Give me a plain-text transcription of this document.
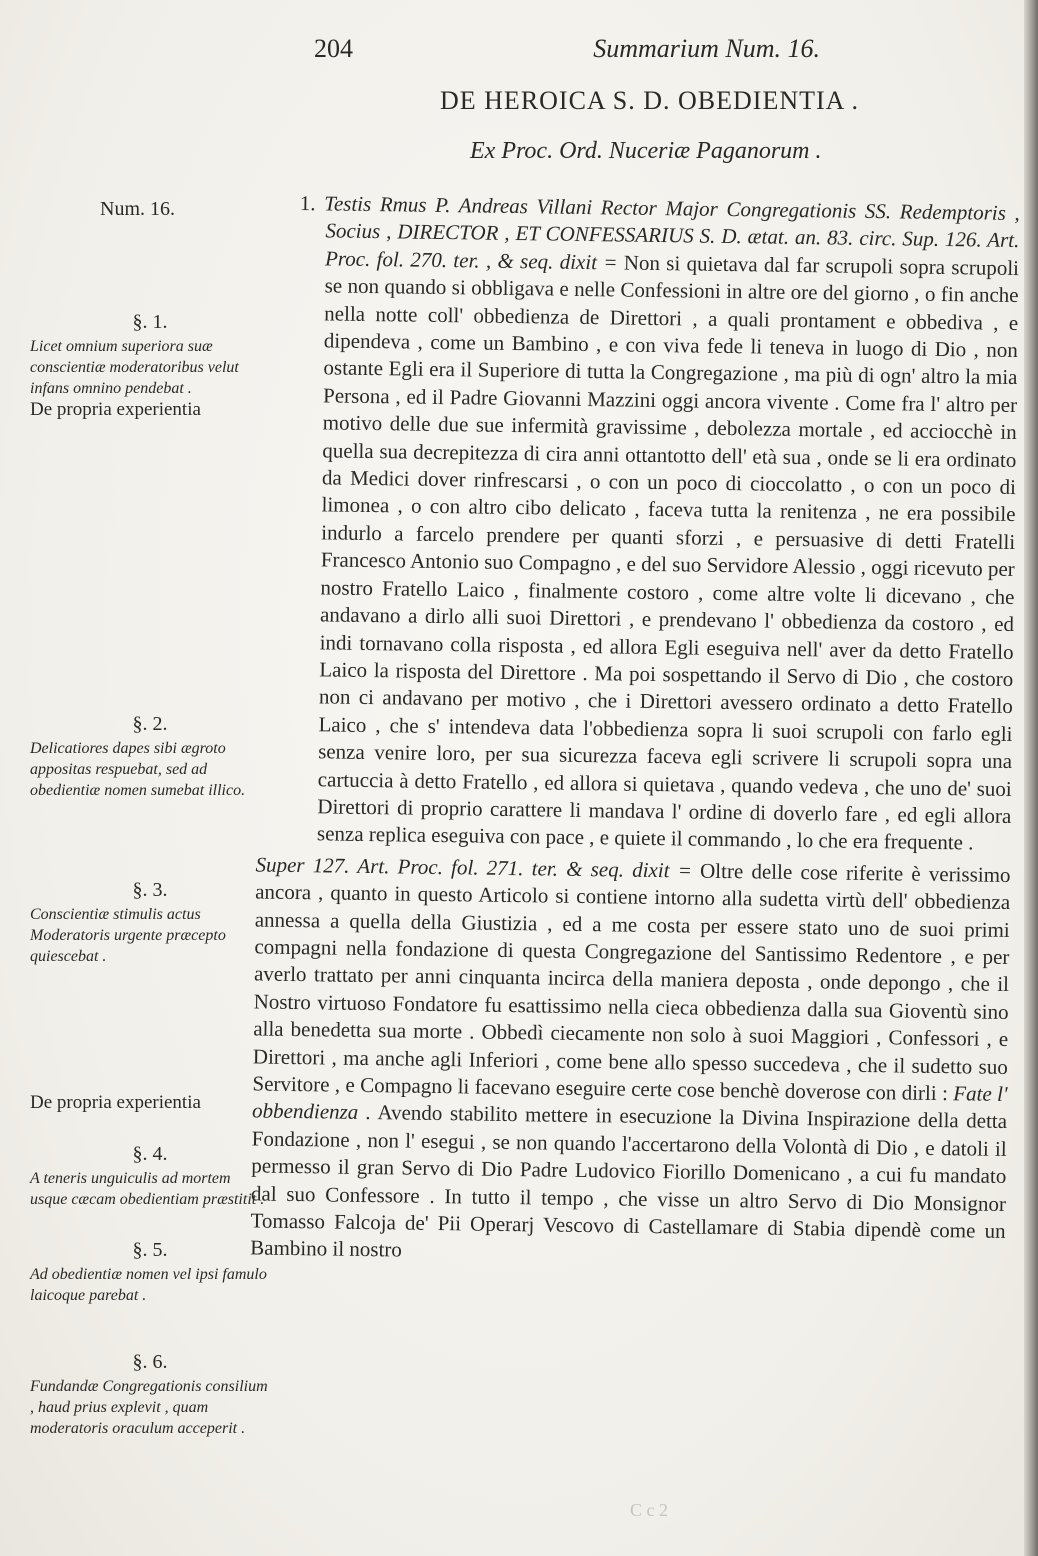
204	Summarium Num. 16.
DE HEROICA S. D. OBEDIENTIA .
Ex Proc. Ord. Nuceriæ Paganorum .
Num. 16.
§. 1.
Licet omnium superiora suæ conscientiæ moderatoribus velut infans omnino pendebat .
De propria experientia
§. 2.
Delicatiores dapes sibi ægroto appositas respuebat, sed ad obedientiæ nomen sumebat illico.
§. 3.
Conscientiæ stimulis actus Moderatoris urgente præcepto quiescebat .
De propria experientia
§. 4.
A teneris unguiculis ad mortem usque cæcam obedientiam præstitit .
§. 5.
Ad obedientiæ nomen vel ipsi famulo laicoque parebat .
§. 6.
Fundandæ Congregationis consilium , haud prius explevit , quam moderatoris oraculum acceperit .

1. Testis Rmus P. Andreas Villani Rector Major Congregationis SS. Redemptoris , Socius , DIRECTOR , ET CONFESSARIUS S. D. ætat. an. 83. circ. Sup. 126. Art. Proc. fol. 270. ter. , & seq. dixit = Non si quietava dal far scrupoli sopra scrupoli se non quando si obbligava e nelle Confessioni in altre ore del giorno , o fin anche nella notte coll' obbedienza de Direttori , a quali prontament e obbediva , e dipendeva , come un Bambino , e con viva fede li teneva in luogo di Dio , non ostante Egli era il Superiore di tutta la Congregazione , ma più di ogn' altro la mia Persona , ed il Padre Giovanni Mazzini oggi ancora vivente . Come fra l' altro per motivo delle due sue infermità gravissime , debolezza mortale , ed acciocchè in quella sua decrepitezza di cira anni ottantotto dell' età sua , onde se li era ordinato da Medici dover rinfrescarsi , o con un poco di cioccolatto , o con un poco di limonea , o con altro cibo delicato , faceva tutta la renitenza , ne era possibile indurlo a farcelo prendere per quanti sforzi , e persuasive di detti Fratelli Francesco Antonio suo Compagno , e del suo Servidore Alessio , oggi ricevuto per nostro Fratello Laico , finalmente costoro , come altre volte li dicevano , che andavano a dirlo alli suoi Direttori , e prendevano l' obbedienza da costoro , ed indi tornavano colla risposta , ed allora Egli eseguiva nell' aver da detto Fratello Laico la risposta del Direttore . Ma poi sospettando il Servo di Dio , che costoro non ci andavano per motivo , che i Direttori avessero ordinato a detto Fratello Laico , che s' intendeva data l'obbedienza sopra li suoi scrupoli con farlo egli senza venire loro, per sua sicurezza faceva egli scrivere li scrupoli sopra una cartuccia à detto Fratello , ed allora si quietava , quando vedeva , che uno de' suoi Direttori di proprio carattere li mandava l' ordine di doverlo fare , ed egli allora senza replica eseguiva con pace , e quiete il commando , lo che era frequente .

Super 127. Art. Proc. fol. 271. ter. & seq. dixit = Oltre delle cose riferite è verissimo ancora , quanto in questo Articolo si contiene intorno alla sudetta virtù dell' obbedienza annessa a quella della Giustizia , ed a me costa per essere stato uno de suoi primi compagni nella fondazione di questa Congregazione del Santissimo Redentore , e per averlo trattato per anni cinquanta incirca della maniera deposta , onde depongo , che il Nostro virtuoso Fondatore fu esattissimo nella cieca obbedienza dalla sua Gioventù sino alla benedetta sua morte . Obbedì ciecamente non solo à suoi Maggiori , Confessori , e Direttori , ma anche agli Inferiori , come bene allo spesso succedeva , che il sudetto suo Servitore , e Compagno li facevano eseguire certe cose benchè doverose con dirli : Fate l' obbendienza . Avendo stabilito mettere in esecuzione la Divina Inspirazione della detta Fondazione , non l' esegui , se non quando l'accertarono della Volontà di Dio , e datoli il permesso il gran Servo di Dio Padre Ludovico Fiorillo Domenicano , a cui fu mandato dal suo Confessore . In tutto il tempo , che visse un altro Servo di Dio Monsignor Tomasso Falcoja de' Pii Operarj Vescovo di Castellamare di Stabia dipendè come un Bambino il nostro

C c 2
